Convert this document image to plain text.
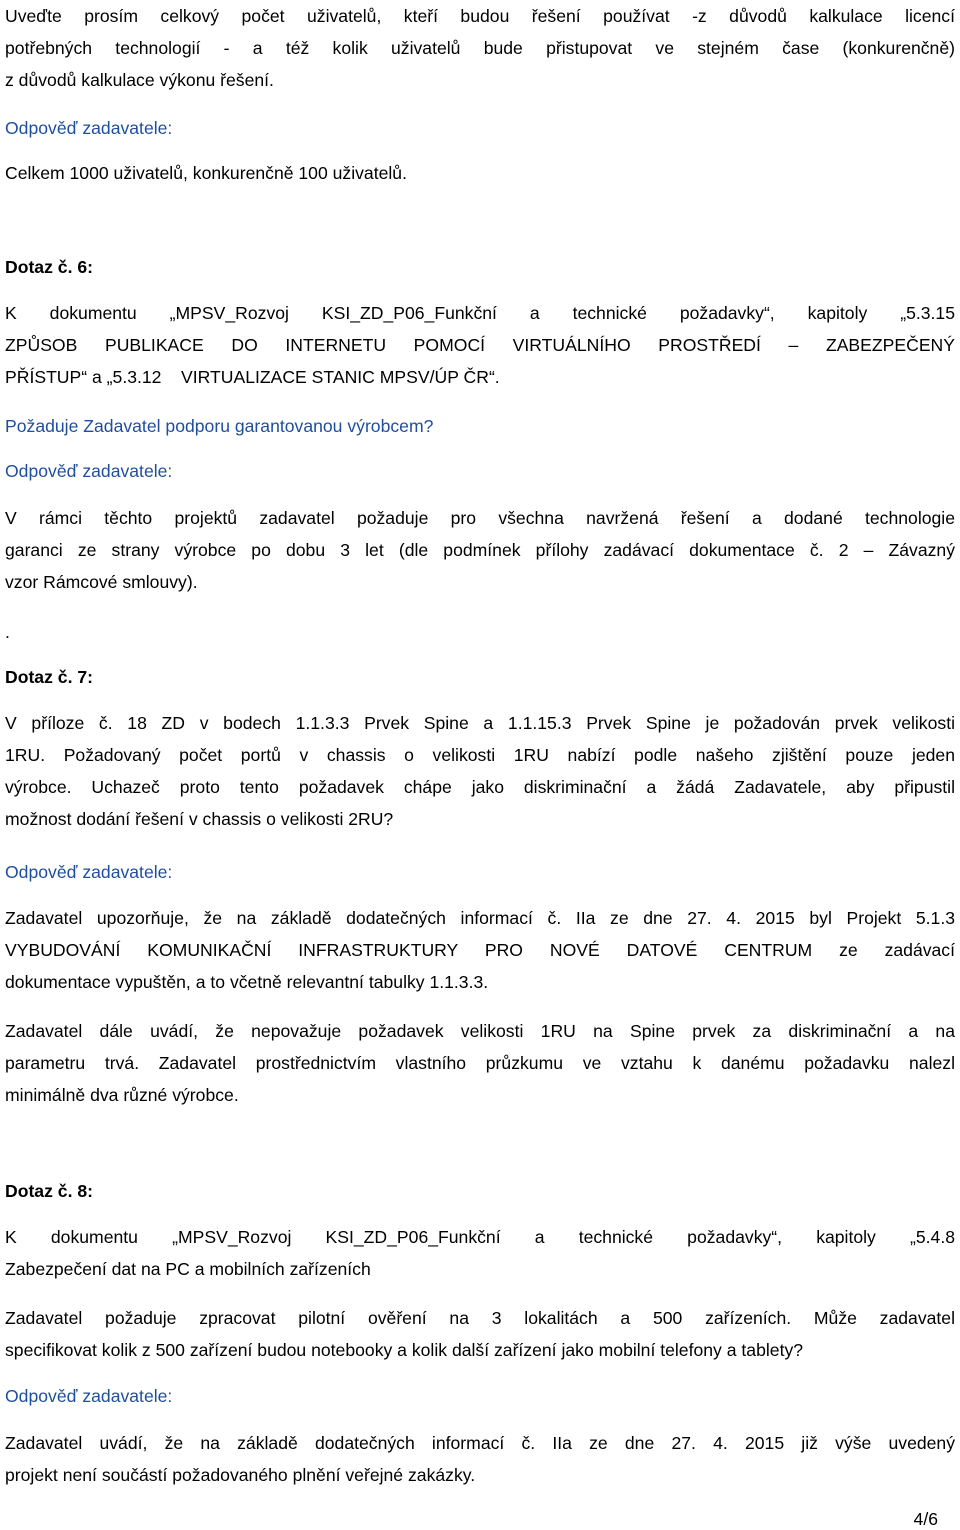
Uveďte prosím celkový počet uživatelů, kteří budou řešení používat -z důvodů kalkulace licencí
potřebných technologií - a též kolik uživatelů bude přistupovat ve stejném čase (konkurenčně)
z důvodů kalkulace výkonu řešení.
Odpověď zadavatele:
Celkem 1000 uživatelů, konkurenčně 100 uživatelů.
Dotaz č. 6:
K dokumentu „MPSV_Rozvoj KSI_ZD_P06_Funkční a technické požadavky“, kapitoly „5.3.15
ZPŮSOB PUBLIKACE DO INTERNETU POMOCÍ VIRTUÁLNÍHO PROSTŘEDÍ – ZABEZPEČENÝ
PŘÍSTUP“ a „5.3.12    VIRTUALIZACE STANIC MPSV/ÚP ČR“.
Požaduje Zadavatel podporu garantovanou výrobcem?
Odpověď zadavatele:
V rámci těchto projektů zadavatel požaduje pro všechna navržená řešení a dodané technologie
garanci ze strany výrobce po dobu 3 let (dle podmínek přílohy zadávací dokumentace č. 2 – Závazný
vzor Rámcové smlouvy).
.
Dotaz č. 7:
V příloze č. 18 ZD v bodech 1.1.3.3 Prvek Spine a 1.1.15.3 Prvek Spine je požadován prvek velikosti
1RU. Požadovaný počet portů v chassis o velikosti 1RU nabízí podle našeho zjištění pouze jeden
výrobce. Uchazeč proto tento požadavek chápe jako diskriminační a žádá Zadavatele, aby připustil
možnost dodání řešení v chassis o velikosti 2RU?
Odpověď zadavatele:
Zadavatel upozorňuje, že na základě dodatečných informací č. IIa ze dne 27. 4. 2015 byl Projekt 5.1.3
VYBUDOVÁNÍ KOMUNIKAČNÍ INFRASTRUKTURY PRO NOVÉ DATOVÉ CENTRUM ze zadávací
dokumentace vypuštěn, a to včetně relevantní tabulky 1.1.3.3.
Zadavatel dále uvádí, že nepovažuje požadavek velikosti 1RU na Spine prvek za diskriminační a na
parametru trvá. Zadavatel prostřednictvím vlastního průzkumu ve vztahu k danému požadavku nalezl
minimálně dva různé výrobce.
Dotaz č. 8:
K dokumentu „MPSV_Rozvoj KSI_ZD_P06_Funkční a technické požadavky“, kapitoly „5.4.8
Zabezpečení dat na PC a mobilních zařízeních
Zadavatel požaduje zpracovat pilotní ověření na 3 lokalitách a 500 zařízeních. Může zadavatel
specifikovat kolik z 500 zařízení budou notebooky a kolik další zařízení jako mobilní telefony a tablety?
Odpověď zadavatele:
Zadavatel uvádí, že na základě dodatečných informací č. IIa ze dne 27. 4. 2015 již výše uvedený
projekt není součástí požadovaného plnění veřejné zakázky.
4/6
